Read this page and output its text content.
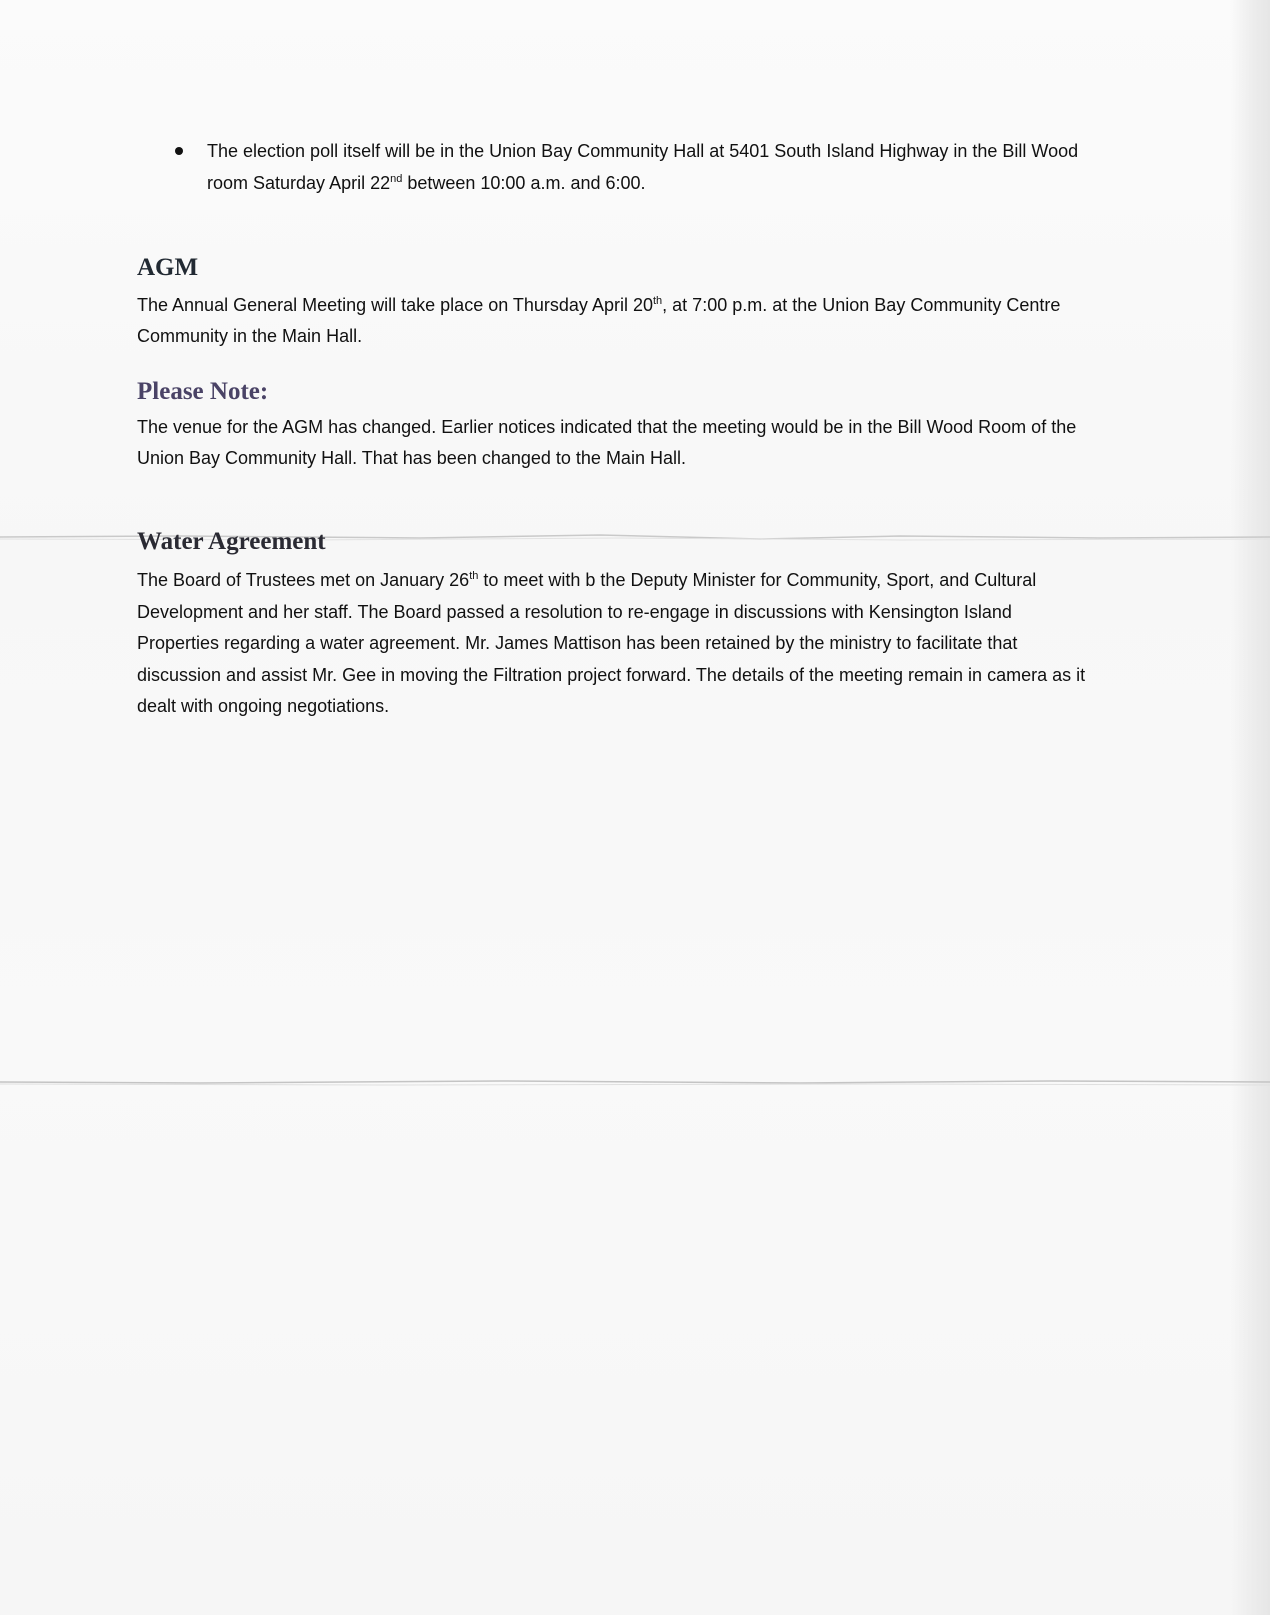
The election poll itself will be in the Union Bay Community Hall at 5401 South Island Highway in the Bill Wood room Saturday April 22nd between 10:00 a.m. and 6:00.
AGM
The Annual General Meeting will take place on Thursday April 20th, at 7:00 p.m. at the Union Bay Community Centre Community in the Main Hall.
Please Note:
The venue for the AGM has changed. Earlier notices indicated that the meeting would be in the Bill Wood Room of the Union Bay Community Hall. That has been changed to the Main Hall.
Water Agreement
The Board of Trustees met on January 26th to meet with b the Deputy Minister for Community, Sport, and Cultural Development and her staff. The Board passed a resolution to re-engage in discussions with Kensington Island Properties regarding a water agreement. Mr. James Mattison has been retained by the ministry to facilitate that discussion and assist Mr. Gee in moving the Filtration project forward. The details of the meeting remain in camera as it dealt with ongoing negotiations.
